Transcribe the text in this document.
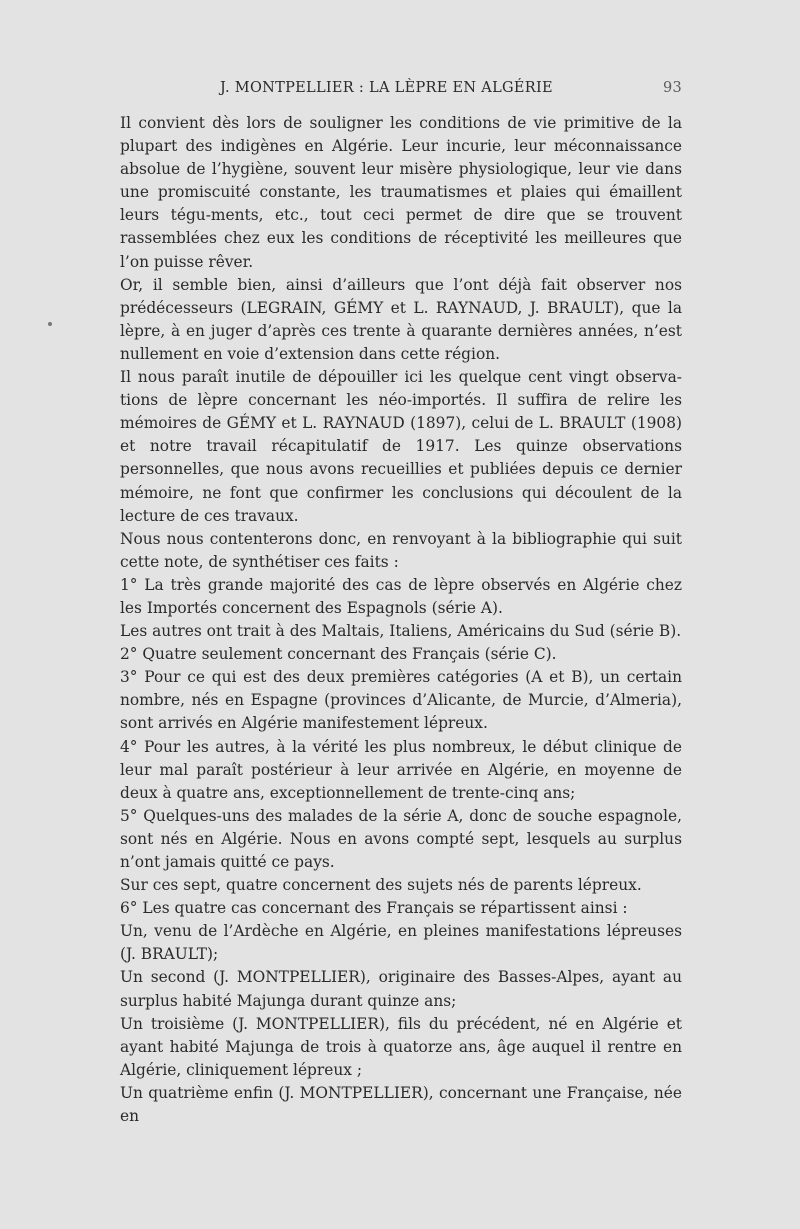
J. MONTPELLIER : LA LÈPRE EN ALGÉRIE	93

Il convient dès lors de souligner les conditions de vie primitive de la plupart des indigènes en Algérie. Leur incurie, leur méconnaissance absolue de l’hygiène, souvent leur misère physiologique, leur vie dans une promiscuité constante, les traumatismes et plaies qui émaillent leurs tégu-ments, etc., tout ceci permet de dire que se trouvent rassemblées chez eux les conditions de réceptivité les meilleures que l’on puisse rêver.

Or, il semble bien, ainsi d’ailleurs que l’ont déjà fait observer nos prédécesseurs (LEGRAIN, GÉMY et L. RAYNAUD, J. BRAULT), que la lèpre, à en juger d’après ces trente à quarante dernières années, n’est nullement en voie d’extension dans cette région.

Il nous paraît inutile de dépouiller ici les quelque cent vingt observa-tions de lèpre concernant les néo-importés. Il suffira de relire les mémoires de GÉMY et L. RAYNAUD (1897), celui de L. BRAULT (1908) et notre travail récapitulatif de 1917. Les quinze observations personnelles, que nous avons recueillies et publiées depuis ce dernier mémoire, ne font que confirmer les conclusions qui découlent de la lecture de ces travaux.

Nous nous contenterons donc, en renvoyant à la bibliographie qui suit cette note, de synthétiser ces faits :

1° La très grande majorité des cas de lèpre observés en Algérie chez les Importés concernent des Espagnols (série A).

Les autres ont trait à des Maltais, Italiens, Américains du Sud (série B).

2° Quatre seulement concernant des Français (série C).

3° Pour ce qui est des deux premières catégories (A et B), un certain nombre, nés en Espagne (provinces d’Alicante, de Murcie, d’Almeria), sont arrivés en Algérie manifestement lépreux.

4° Pour les autres, à la vérité les plus nombreux, le début clinique de leur mal paraît postérieur à leur arrivée en Algérie, en moyenne de deux à quatre ans, exceptionnellement de trente-cinq ans;

5° Quelques-uns des malades de la série A, donc de souche espagnole, sont nés en Algérie. Nous en avons compté sept, lesquels au surplus n’ont jamais quitté ce pays.

Sur ces sept, quatre concernent des sujets nés de parents lépreux.

6° Les quatre cas concernant des Français se répartissent ainsi :

Un, venu de l’Ardèche en Algérie, en pleines manifestations lépreuses (J. BRAULT);

Un second (J. MONTPELLIER), originaire des Basses-Alpes, ayant au surplus habité Majunga durant quinze ans;

Un troisième (J. MONTPELLIER), fils du précédent, né en Algérie et ayant habité Majunga de trois à quatorze ans, âge auquel il rentre en Algérie, cliniquement lépreux ;

Un quatrième enfin (J. MONTPELLIER), concernant une Française, née en
